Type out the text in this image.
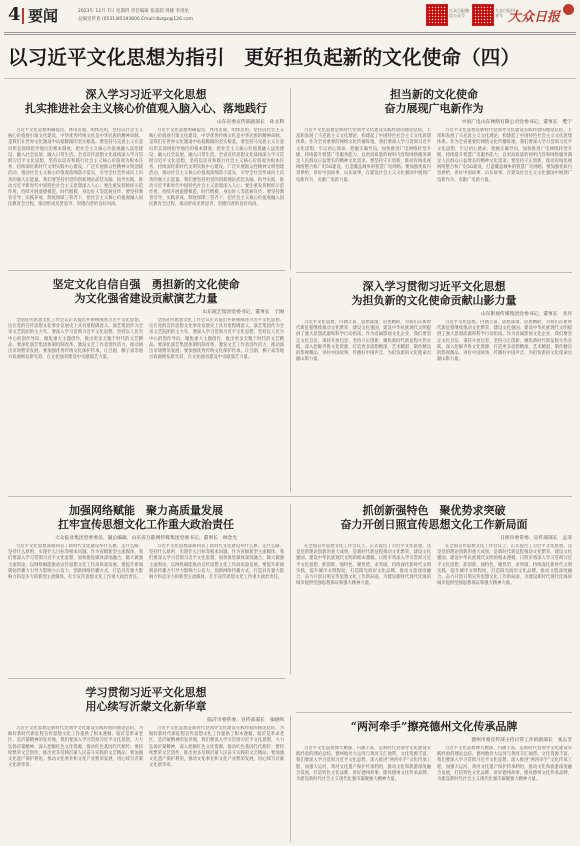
4 要闻	2023年 12月 7日 星期四 责任编辑 张超超 周晓 李进星
总编室传真 (0531)85193600 Email:dbzgx@126.com
大众日报微信公众号
大众日报抖音号 大众日报
以习近平文化思想为指引　更好担负起新的文化使命（四）
深入学习习近平文化思想
扎实推进社会主义核心价值观入脑入心、落地践行
山东省委宣传部副部长　孙文利

习近平文化思想明确提出，体用贯通、明体达用，坚持以社会主义核心价值观引领文化建设，中华优秀传统文化是中华民族的精神命脉，是我们在世界文化激荡中站稳脚跟的坚实根基。要坚持马克思主义在意识形态领域指导地位的根本制度，把社会主义核心价值观融入法治建设、融入社会发展、融入日常生活。全省宣传思想文化战线深入学习贯彻习近平文化思想，坚持以培育和践行社会主义核心价值观为根本任务，持续深化新时代文明实践中心建设，广泛开展群众性精神文明创建活动，推动社会主义核心价值观落细落小落实，引导全社会形成向上向善的强大正能量。我们要坚持用党的创新理论武装头脑、指导实践，推动习近平新时代中国特色社会主义思想深入人心；要注重发挥榜样示范作用，持续开展道德模范、时代楷模、身边好人等选树宣传；要坚持教育引导、实践养成、制度保障三管齐下，把社会主义核心价值观融入国民教育全过程，推动形成见贤思齐、崇德向善的良好风尚。

习近平文化思想明确提出，体用贯通、明体达用，坚持以社会主义核心价值观引领文化建设，中华优秀传统文化是中华民族的精神命脉，是我们在世界文化激荡中站稳脚跟的坚实根基。要坚持马克思主义在意识形态领域指导地位的根本制度，把社会主义核心价值观融入法治建设、融入社会发展、融入日常生活。全省宣传思想文化战线深入学习贯彻习近平文化思想，坚持以培育和践行社会主义核心价值观为根本任务，持续深化新时代文明实践中心建设，广泛开展群众性精神文明创建活动，推动社会主义核心价值观落细落小落实，引导全社会形成向上向善的强大正能量。我们要坚持用党的创新理论武装头脑、指导实践，推动习近平新时代中国特色社会主义思想深入人心；要注重发挥榜样示范作用，持续开展道德模范、时代楷模、身边好人等选树宣传；要坚持教育引导、实践养成、制度保障三管齐下，把社会主义核心价值观融入国民教育全过程，推动形成见贤思齐、崇德向善的良好风尚。

担当新的文化使命
奋力展现广电新作为
中国广电山东网络有限公司党委书记、董事长　樊宁

习近平文化思想是新时代党领导文化建设实践经验的理论总结，丰富和发展了马克思主义文化理论，构建起了中国特色社会主义文化思想体系。作为全省重要的网络文化传播阵地，我们要深入学习贯彻习近平文化思想，牢记初心使命，把握正确导向，加快推进广电网络转型升级，持续提升智慧广电服务能力，以更高质量的视听内容和网络服务满足人民群众日益增长的精神文化需求。要坚持守正创新，推动有线电视网络整合和广电5G建设，打造覆盖城乡的智慧广电网络；要加强优质内容供给，讲好中国故事、山东故事，在建设社会主义文化强国中展现广电新作为、贡献广电新力量。

习近平文化思想是新时代党领导文化建设实践经验的理论总结，丰富和发展了马克思主义文化理论，构建起了中国特色社会主义文化思想体系。作为全省重要的网络文化传播阵地，我们要深入学习贯彻习近平文化思想，牢记初心使命，把握正确导向，加快推进广电网络转型升级，持续提升智慧广电服务能力，以更高质量的视听内容和网络服务满足人民群众日益增长的精神文化需求。要坚持守正创新，推动有线电视网络整合和广电5G建设，打造覆盖城乡的智慧广电网络；要加强优质内容供给，讲好中国故事、山东故事，在建设社会主义文化强国中展现广电新作为、贡献广电新力量。

坚定文化自信自强　勇担新的文化使命
为文化强省建设贡献演艺力量
山东演艺集团党委书记、董事长　于刚

全国宣传思想文化工作会议正式提出并系统阐述习近平文化思想，这在党的宣传思想文化事业发展史上具有里程碑意义。演艺集团作为全省文艺院团的主力军，要深入学习贯彻习近平文化思想，坚持以人民为中心的创作导向，聚焦重大主题创作，推出更多无愧于时代的文艺精品。要深化演艺集团体制机制改革，激发文艺工作者创作活力，推动演出市场繁荣发展；要加强优秀传统文化保护传承，让吕剧、柳子戏等地方戏曲焕发新光彩，在文化强省建设中贡献演艺力量。

全国宣传思想文化工作会议正式提出并系统阐述习近平文化思想，这在党的宣传思想文化事业发展史上具有里程碑意义。演艺集团作为全省文艺院团的主力军，要深入学习贯彻习近平文化思想，坚持以人民为中心的创作导向，聚焦重大主题创作，推出更多无愧于时代的文艺精品。要深化演艺集团体制机制改革，激发文艺工作者创作活力，推动演出市场繁荣发展；要加强优秀传统文化保护传承，让吕剧、柳子戏等地方戏曲焕发新光彩，在文化强省建设中贡献演艺力量。

深入学习贯彻习近平文化思想
为担负新的文化使命贡献山影力量
山东影视传媒集团党委书记、董事长　亚丹

习近平文化思想，内涵丰富、思想深邃、论述精辟，为我们在新时代新征程继续推动文化繁荣、建设文化强国、建设中华民族现代文明提供了强大思想武器和科学行动指南。作为省属影视文化企业，我们要坚定文化自信、秉持开放包容、坚持守正创新，聚焦新时代新征程火热实践，深入挖掘齐鲁文化资源，打造更多思想精深、艺术精湛、制作精良的影视精品，讲好中国故事，传播好中国声音，为担负新的文化使命贡献山影力量。

习近平文化思想，内涵丰富、思想深邃、论述精辟，为我们在新时代新征程继续推动文化繁荣、建设文化强国、建设中华民族现代文明提供了强大思想武器和科学行动指南。作为省属影视文化企业，我们要坚定文化自信、秉持开放包容、坚持守正创新，聚焦新时代新征程火热实践，深入挖掘齐鲁文化资源，打造更多思想精深、艺术精湛、制作精良的影视精品，讲好中国故事，传播好中国声音，为担负新的文化使命贡献山影力量。

加强网络赋能　聚力高质量发展
扛牢宣传思想文化工作重大政治责任
大众报业集团党委委员、副总编辑，山东省互联网传媒集团党委书记、董事长　林念光

习近平文化思想深刻回答了新时代文化建设举什么旗、走什么路、坚持什么原则、实现什么目标等根本问题。作为省级新型主流媒体，我们要深入学习贯彻习近平文化思想，加快推进媒体深度融合，做大做强主流舆论，以网络赋能推动宣传思想文化工作高质量发展。要提升新闻舆论传播力引导力影响力公信力，创新网络传播方式，打造具有强大影响力和竞争力的新型主流媒体，扛牢宣传思想文化工作重大政治责任。

习近平文化思想深刻回答了新时代文化建设举什么旗、走什么路、坚持什么原则、实现什么目标等根本问题。作为省级新型主流媒体，我们要深入学习贯彻习近平文化思想，加快推进媒体深度融合，做大做强主流舆论，以网络赋能推动宣传思想文化工作高质量发展。要提升新闻舆论传播力引导力影响力公信力，创新网络传播方式，打造具有强大影响力和竞争力的新型主流媒体，扛牢宣传思想文化工作重大政治责任。

抓创新强特色　聚优势求突破
奋力开创日照宣传思想文化工作新局面
日照市委常委、宣传部部长　孟菲

在全国宣传思想文化工作会议上，正式提出了习近平文化思想，这是党的理论创新的重大成果，是新时代新征程推动文化繁荣、建设文化强国、建设中华民族现代文明的根本遵循。日照市将深入学习贯彻习近平文化思想，抓创新、强特色、聚优势、求突破，持续深化新时代文明实践，提升城市文明程度，打造阳光海岸文化品牌，推动文旅深度融合，奋力开创日照宣传思想文化工作新局面，为建设新时代现代化海滨城市提供坚强思想保证和强大精神力量。

在全国宣传思想文化工作会议上，正式提出了习近平文化思想，这是党的理论创新的重大成果，是新时代新征程推动文化繁荣、建设文化强国、建设中华民族现代文明的根本遵循。日照市将深入学习贯彻习近平文化思想，抓创新、强特色、聚优势、求突破，持续深化新时代文明实践，提升城市文明程度，打造阳光海岸文化品牌，推动文旅深度融合，奋力开创日照宣传思想文化工作新局面，为建设新时代现代化海滨城市提供坚强思想保证和强大精神力量。

学习贯彻习近平文化思想
用心续写沂蒙文化新华章
临沂市委常委、宣传部部长　张晓鸣

习近平文化思想是新时代党领导文化建设实践经验的理论总结，为做好新时代新征程宣传思想文化工作提供了根本遵循。临沂是革命老区，是沂蒙精神的发祥地，我们要深入学习贯彻习近平文化思想，大力弘扬沂蒙精神，深入挖掘红色文化资源，推动红色基因代代相传；要持续繁荣文艺创作，推出更多反映沂蒙人民奋斗实践的文艺精品；要加强文化遗产保护利用，推动文化事业和文化产业繁荣发展，用心续写沂蒙文化新华章。

习近平文化思想是新时代党领导文化建设实践经验的理论总结，为做好新时代新征程宣传思想文化工作提供了根本遵循。临沂是革命老区，是沂蒙精神的发祥地，我们要深入学习贯彻习近平文化思想，大力弘扬沂蒙精神，深入挖掘红色文化资源，推动红色基因代代相传；要持续繁荣文艺创作，推出更多反映沂蒙人民奋斗实践的文艺精品；要加强文化遗产保护利用，推动文化事业和文化产业繁荣发展，用心续写沂蒙文化新华章。

“两河牵手”擦亮德州文化传承品牌
德州市委宣传部主持日常工作的副部长　张志芳

习近平文化思想博大精深、内涵丰富，是新时代党领导文化建设实践经验的理论总结。德州地处大运河与黄河交汇地带，文化资源丰富，我们要深入学习贯彻习近平文化思想，深入推进“两河牵手”文化传承工程，加强大运河、黄河文化遗产保护传承利用，推动文化和旅游深度融合发展，打造特色文化品牌，讲好德州故事，擦亮德州文化传承品牌，为建设新时代社会主义现代化强市凝聚强大精神力量。

习近平文化思想博大精深、内涵丰富，是新时代党领导文化建设实践经验的理论总结。德州地处大运河与黄河交汇地带，文化资源丰富，我们要深入学习贯彻习近平文化思想，深入推进“两河牵手”文化传承工程，加强大运河、黄河文化遗产保护传承利用，推动文化和旅游深度融合发展，打造特色文化品牌，讲好德州故事，擦亮德州文化传承品牌，为建设新时代社会主义现代化强市凝聚强大精神力量。
